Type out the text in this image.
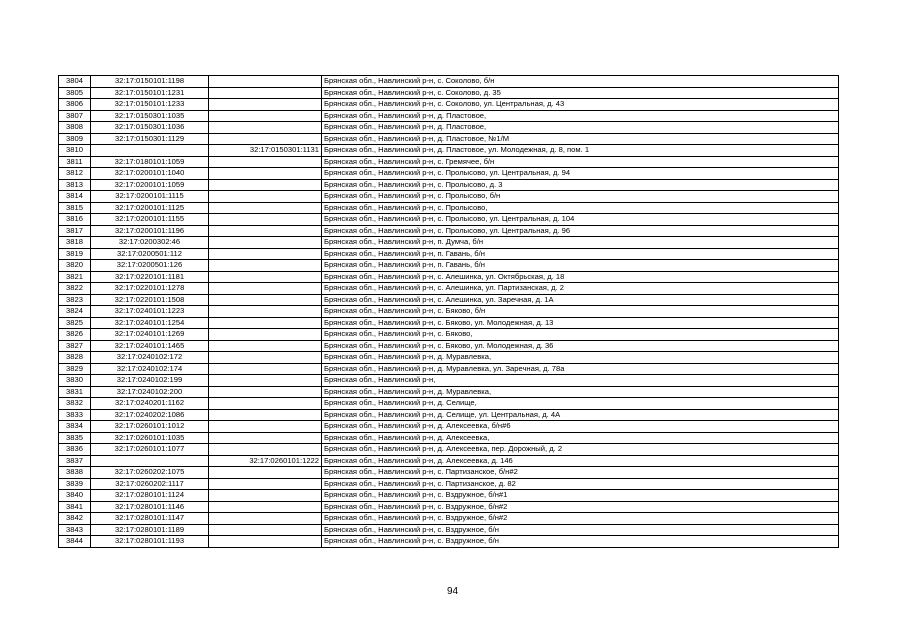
3804	32:17:0150101:1198		Брянская обл., Навлинский р-н, с. Соколово, б/н
3805	32:17:0150101:1231		Брянская обл., Навлинский р-н, с. Соколово, д. 35
3806	32:17:0150101:1233		Брянская обл., Навлинский р-н, с. Соколово, ул. Центральная, д. 43
3807	32:17:0150301:1035		Брянская обл., Навлинский р-н, д. Пластовое,
3808	32:17:0150301:1036		Брянская обл., Навлинский р-н, д. Пластовое,
3809	32:17:0150301:1129		Брянская обл., Навлинский р-н, д. Пластовое, №1/М
3810		32:17:0150301:1131	Брянская обл., Навлинский р-н, д. Пластовое, ул. Молодежная, д. 8, пом. 1
3811	32:17:0180101:1059		Брянская обл., Навлинский р-н, с. Гремячее, б/н
3812	32:17:0200101:1040		Брянская обл., Навлинский р-н, с. Пролысово, ул. Центральная, д. 94
3813	32:17:0200101:1059		Брянская обл., Навлинский р-н, с. Пролысово, д. 3
3814	32:17:0200101:1115		Брянская обл., Навлинский р-н, с. Пролысово, б/н
3815	32:17:0200101:1125		Брянская обл., Навлинский р-н, с. Пролысово,
3816	32:17:0200101:1155		Брянская обл., Навлинский р-н, с. Пролысово, ул. Центральная, д. 104
3817	32:17:0200101:1196		Брянская обл., Навлинский р-н, с. Пролысово, ул. Центральная, д. 96
3818	32:17:0200302:46		Брянская обл., Навлинский р-н, п. Думча, б/н
3819	32:17:0200501:112		Брянская обл., Навлинский р-н, п. Гавань, б/н
3820	32:17:0200501:126		Брянская обл., Навлинский р-н, п. Гавань, б/н
3821	32:17:0220101:1181		Брянская обл., Навлинский р-н, с. Алешинка, ул. Октябрьская, д. 18
3822	32:17:0220101:1278		Брянская обл., Навлинский р-н, с. Алешинка, ул. Партизанская, д. 2
3823	32:17:0220101:1508		Брянская обл., Навлинский р-н, с. Алешинка, ул. Заречная, д. 1А
3824	32:17:0240101:1223		Брянская обл., Навлинский р-н, с. Бяково, б/н
3825	32:17:0240101:1254		Брянская обл., Навлинский р-н, с. Бяково, ул. Молодежная, д. 13
3826	32:17:0240101:1269		Брянская обл., Навлинский р-н, с. Бяково,
3827	32:17:0240101:1465		Брянская обл., Навлинский р-н, с. Бяково, ул. Молодежная, д. 36
3828	32:17:0240102:172		Брянская обл., Навлинский р-н, д. Муравлевка,
3829	32:17:0240102:174		Брянская обл., Навлинский р-н, д. Муравлевка, ул. Заречная, д. 78а
3830	32:17:0240102:199		Брянская обл., Навлинский р-н,
3831	32:17:0240102:200		Брянская обл., Навлинский р-н, д. Муравлевка,
3832	32:17:0240201:1162		Брянская обл., Навлинский р-н, д. Селище,
3833	32:17:0240202:1086		Брянская обл., Навлинский р-н, д. Селище, ул. Центральная, д. 4А
3834	32:17:0260101:1012		Брянская обл., Навлинский р-н, д. Алексеевка, б/н#6
3835	32:17:0260101:1035		Брянская обл., Навлинский р-н, д. Алексеевка,
3836	32:17:0260101:1077		Брянская обл., Навлинский р-н, д. Алексеевка, пер. Дорожный, д. 2
3837		32:17:0260101:1222	Брянская обл., Навлинский р-н, д. Алексеевка, д. 146
3838	32:17:0260202:1075		Брянская обл., Навлинский р-н, с. Партизанское, б/н#2
3839	32:17:0260202:1117		Брянская обл., Навлинский р-н, с. Партизанское, д. 82
3840	32:17:0280101:1124		Брянская обл., Навлинский р-н, с. Вздружное, б/н#1
3841	32:17:0280101:1146		Брянская обл., Навлинский р-н, с. Вздружное, б/н#2
3842	32:17:0280101:1147		Брянская обл., Навлинский р-н, с. Вздружное, б/н#2
3843	32:17:0280101:1189		Брянская обл., Навлинский р-н, с. Вздружное, б/н
3844	32:17:0280101:1193		Брянская обл., Навлинский р-н, с. Вздружное, б/н
94
